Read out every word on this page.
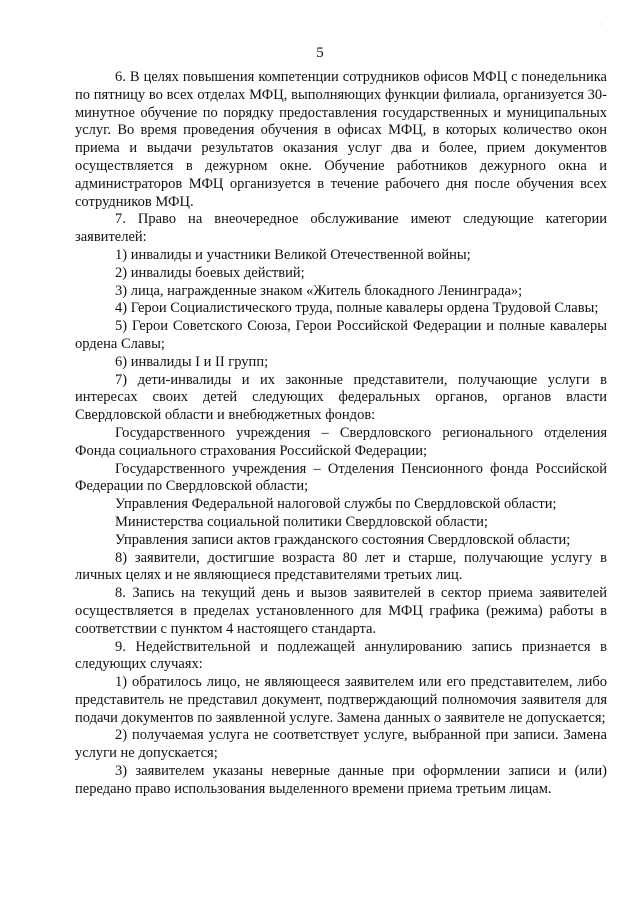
·
5

6. В целях повышения компетенции сотрудников офисов МФЦ с понедельника по пятницу во всех отделах МФЦ, выполняющих функции филиала, организуется 30-минутное обучение по порядку предоставления государственных и муниципальных услуг. Во время проведения обучения в офисах МФЦ, в которых количество окон приема и выдачи результатов оказания услуг два и более, прием документов осуществляется в дежурном окне. Обучение работников дежурного окна и администраторов МФЦ организуется в течение рабочего дня после обучения всех сотрудников МФЦ.

7. Право на внеочередное обслуживание имеют следующие категории заявителей:

1) инвалиды и участники Великой Отечественной войны;

2) инвалиды боевых действий;

3) лица, награжденные знаком «Житель блокадного Ленинграда»;

4) Герои Социалистического труда, полные кавалеры ордена Трудовой Славы;

5) Герои Советского Союза, Герои Российской Федерации и полные кавалеры ордена Славы;

6) инвалиды I и II групп;

7) дети-инвалиды и их законные представители, получающие услуги в интересах своих детей следующих федеральных органов, органов власти Свердловской области и внебюджетных фондов:

Государственного учреждения – Свердловского регионального отделения Фонда социального страхования Российской Федерации;

Государственного учреждения – Отделения Пенсионного фонда Российской Федерации по Свердловской области;

Управления Федеральной налоговой службы по Свердловской области;

Министерства социальной политики Свердловской области;

Управления записи актов гражданского состояния Свердловской области;

8) заявители, достигшие возраста 80 лет и старше, получающие услугу в личных целях и не являющиеся представителями третьих лиц.

8. Запись на текущий день и вызов заявителей в сектор приема заявителей осуществляется в пределах установленного для МФЦ графика (режима) работы в соответствии с пунктом 4 настоящего стандарта.

9. Недействительной и подлежащей аннулированию запись признается в следующих случаях:

1) обратилось лицо, не являющееся заявителем или его представителем, либо представитель не представил документ, подтверждающий полномочия заявителя для подачи документов по заявленной услуге. Замена данных о заявителе не допускается;

2) получаемая услуга не соответствует услуге, выбранной при записи. Замена услуги не допускается;

3) заявителем указаны неверные данные при оформлении записи и (или) передано право использования выделенного времени приема третьим лицам.
